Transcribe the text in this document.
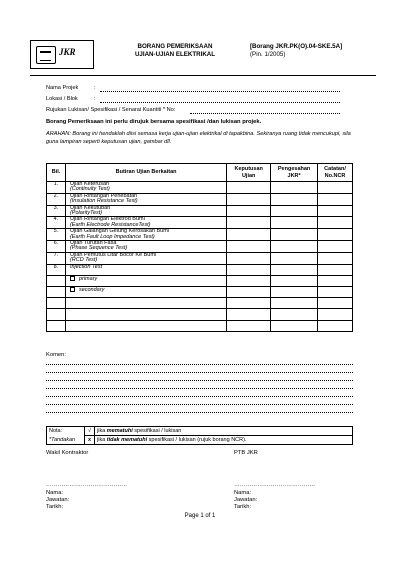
JKR
BORANG PEMERIKSAAN
UJIAN-UJIAN ELEKTRIKAL
[Borang JKR.PK(O).04-SKE.5A]
(Pin. 1/2005)
Nama Projek	:
Lokasi / Blok	:
Rujukan Lukisan/ Spesifikasi / Senarai Kuantiti * No:
Borang Pemeriksaan ini perlu dirujuk bersama spesifikasi /dan lukisan projek.
ARAHAN: Borang ini hendaklah diisi semasa kerja ujian-ujian elektrikal di tapakbina. Sekiranya ruang tidak mencukupi, sila guna lampiran seperti keputusan ujian, gambar dll.
Bil.	Butiran Ujian Berkaitan	Keputusan Ujian	Pengesahan JKR*	Catatan/ No.NCR
1.	Ujian Keterusan
(Continuity Test)			

2.	Ujian Rintangan Penebatan
(Insulation Resistance Test)			

3.	Ujian Kekutuban
(PolarityTest)			

4.	Ujian Rintangan Elektrod Bumi
(Earth Electrode ResistanceTest)			

5.	Ujian Galangan Gelung Kerosakan Bumi
(Earth Fault Loop Impedance Test)			

6.	Ujian Turutan Fasa
(Phase Sequence Test)			

7.	Ujian Pemutus Litar Bocor Ke Bumi
(RCD Test)			

8.	Injection Test			
	primary			
	secondary			

Komen:
Nota:	√	jika mematuhi spesifikasi / lukisan
*Tandakan	x	jika tidak mematuhi spesifikasi / lukisan (rujuk borang NCR).
Wakil Kontraktor	PTB JKR
……………………………………	……………………………………
Nama:
Jawatan:
Tarikh:
Nama:
Jawatan:
Tarikh:
Page 1 of 1
